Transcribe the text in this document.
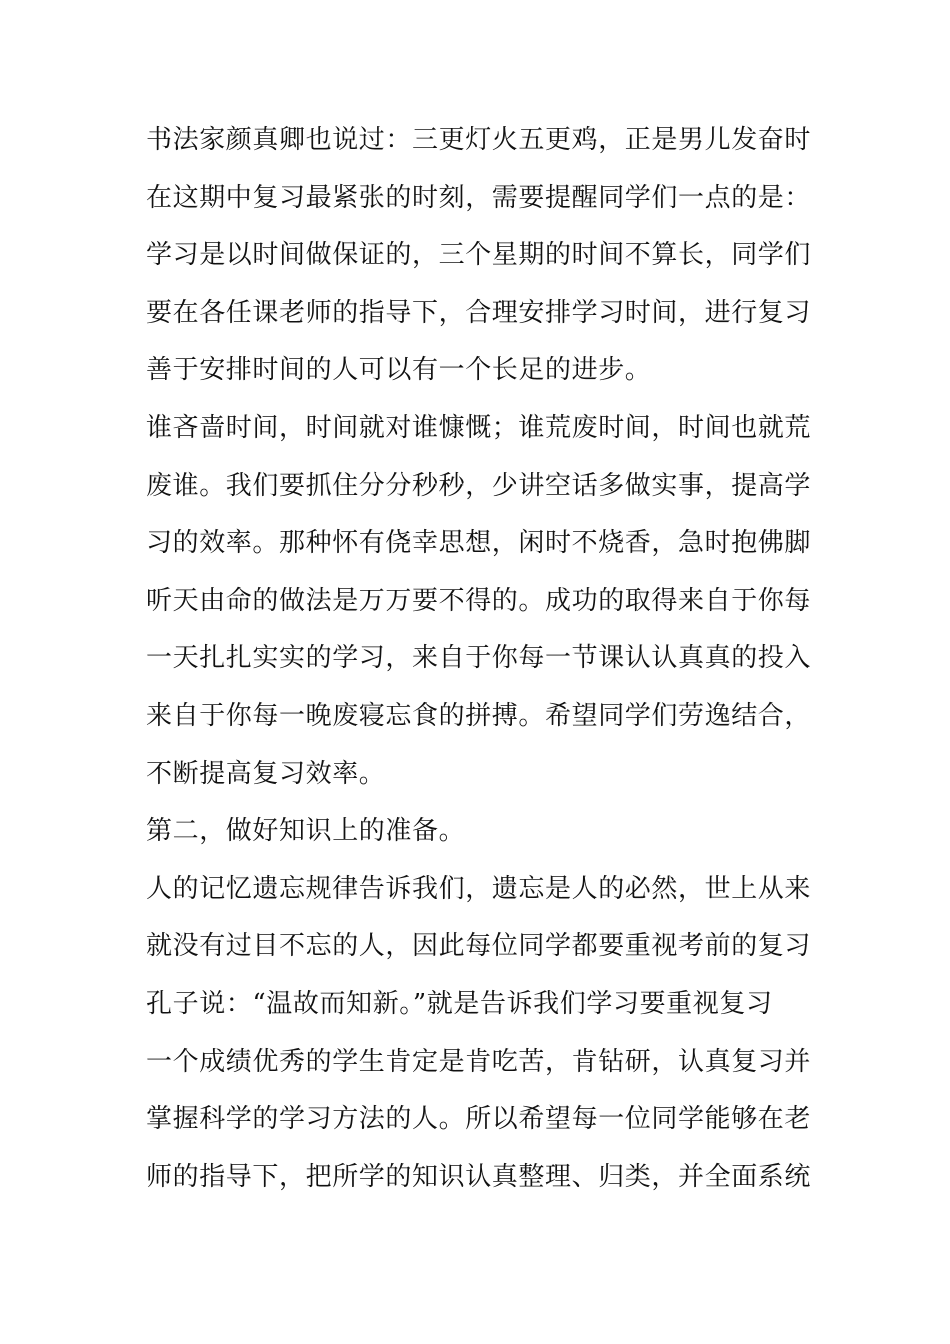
书法家颜真卿也说过：三更灯火五更鸡，正是男儿发奋时
在这期中复习最紧张的时刻，需要提醒同学们一点的是：
学习是以时间做保证的，三个星期的时间不算长，同学们
要在各任课老师的指导下，合理安排学习时间，进行复习
善于安排时间的人可以有一个长足的进步。
谁吝啬时间，时间就对谁慷慨；谁荒废时间，时间也就荒
废谁。我们要抓住分分秒秒，少讲空话多做实事，提高学
习的效率。那种怀有侥幸思想，闲时不烧香，急时抱佛脚
听天由命的做法是万万要不得的。成功的取得来自于你每
一天扎扎实实的学习，来自于你每一节课认认真真的投入
来自于你每一晚废寝忘食的拼搏。希望同学们劳逸结合，
不断提高复习效率。
第二，做好知识上的准备。
人的记忆遗忘规律告诉我们，遗忘是人的必然，世上从来
就没有过目不忘的人，因此每位同学都要重视考前的复习
孔子说：“温故而知新。”就是告诉我们学习要重视复习
一个成绩优秀的学生肯定是肯吃苦，肯钻研，认真复习并
掌握科学的学习方法的人。所以希望每一位同学能够在老
师的指导下，把所学的知识认真整理、归类，并全面系统
